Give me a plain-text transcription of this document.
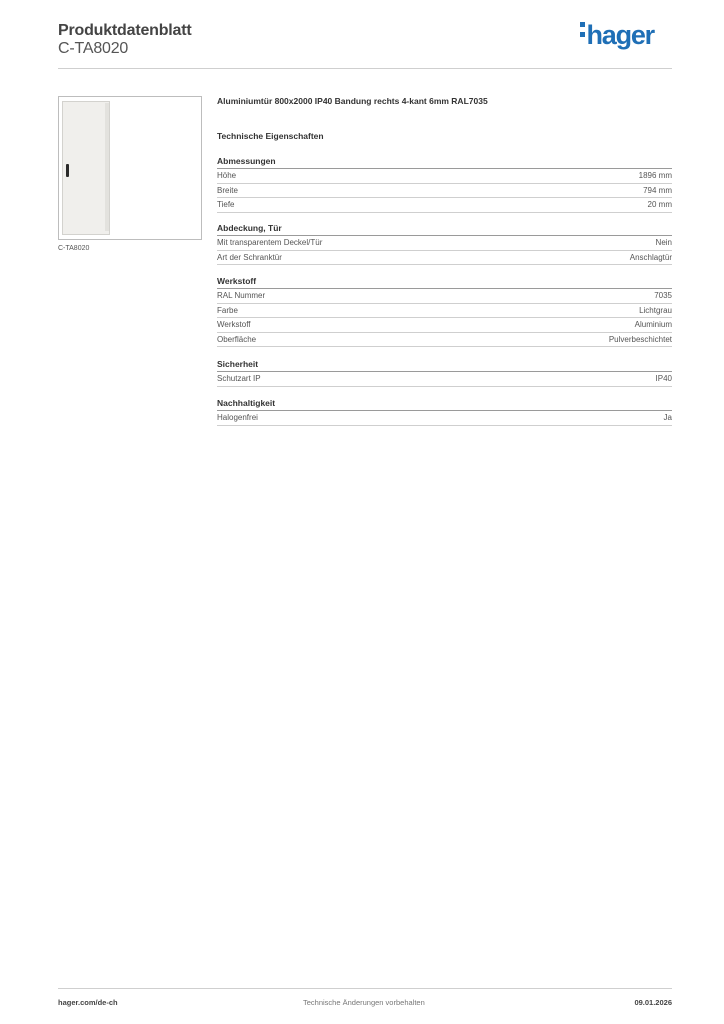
Produktdatenblatt
C-TA8020	hager
C-TA8020
Aluminiumtür 800x2000 IP40 Bandung rechts 4-kant 6mm RAL7035
Technische Eigenschaften
Abmessungen
Höhe	1896 mm
Breite	794 mm
Tiefe	20 mm
Abdeckung, Tür
Mit transparentem Deckel/Tür	Nein
Art der Schranktür	Anschlagtür
Werkstoff
RAL Nummer	7035
Farbe	Lichtgrau
Werkstoff	Aluminium
Oberfläche	Pulverbeschichtet
Sicherheit
Schutzart IP	IP40
Nachhaltigkeit
Halogenfrei	Ja
hager.com/de-ch	Technische Änderungen vorbehalten	09.01.2026
